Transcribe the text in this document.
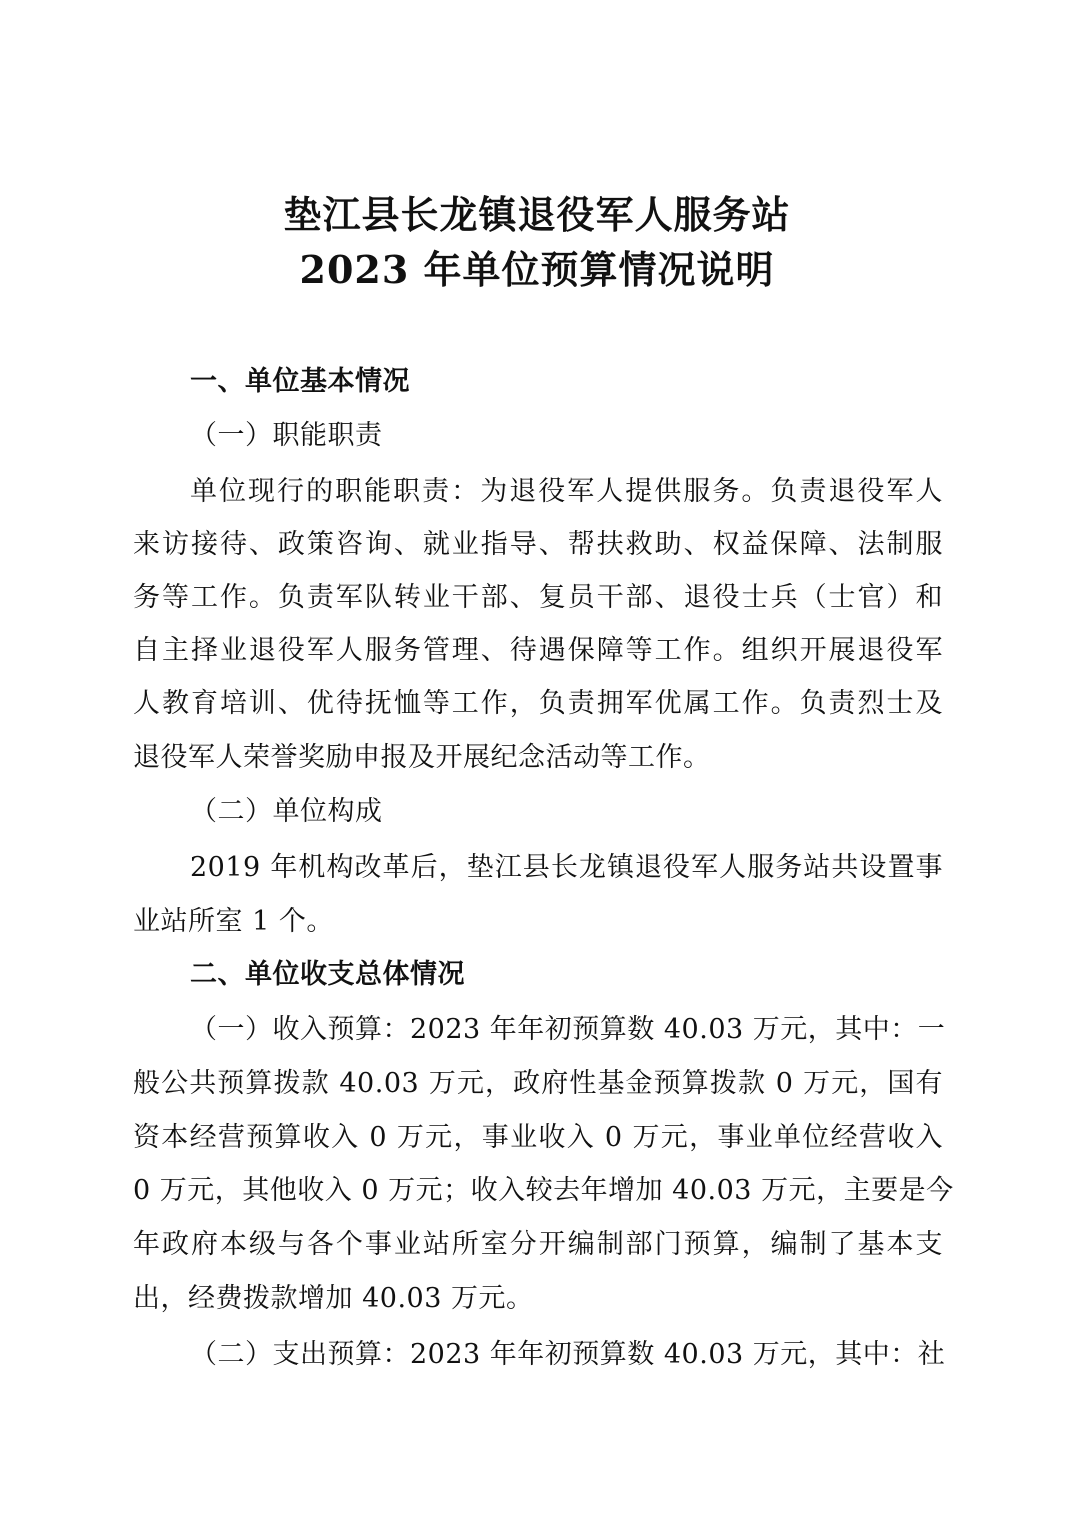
垫江县长龙镇退役军人服务站
2023 年单位预算情况说明
一、单位基本情况
（一）职能职责
单位现行的职能职责：为退役军人提供服务。负责退役军人
来访接待、政策咨询、就业指导、帮扶救助、权益保障、法制服
务等工作。负责军队转业干部、复员干部、退役士兵（士官）和
自主择业退役军人服务管理、待遇保障等工作。组织开展退役军
人教育培训、优待抚恤等工作，负责拥军优属工作。负责烈士及
退役军人荣誉奖励申报及开展纪念活动等工作。
（二）单位构成
2019 年机构改革后，垫江县长龙镇退役军人服务站共设置事
业站所室 1 个。
二、单位收支总体情况
（一）收入预算：2023 年年初预算数 40.03 万元，其中：一
般公共预算拨款 40.03 万元，政府性基金预算拨款 0 万元，国有
资本经营预算收入 0 万元，事业收入 0 万元，事业单位经营收入
0 万元，其他收入 0 万元；收入较去年增加 40.03 万元，主要是今
年政府本级与各个事业站所室分开编制部门预算，编制了基本支
出，经费拨款增加 40.03 万元。
（二）支出预算：2023 年年初预算数 40.03 万元，其中：社
